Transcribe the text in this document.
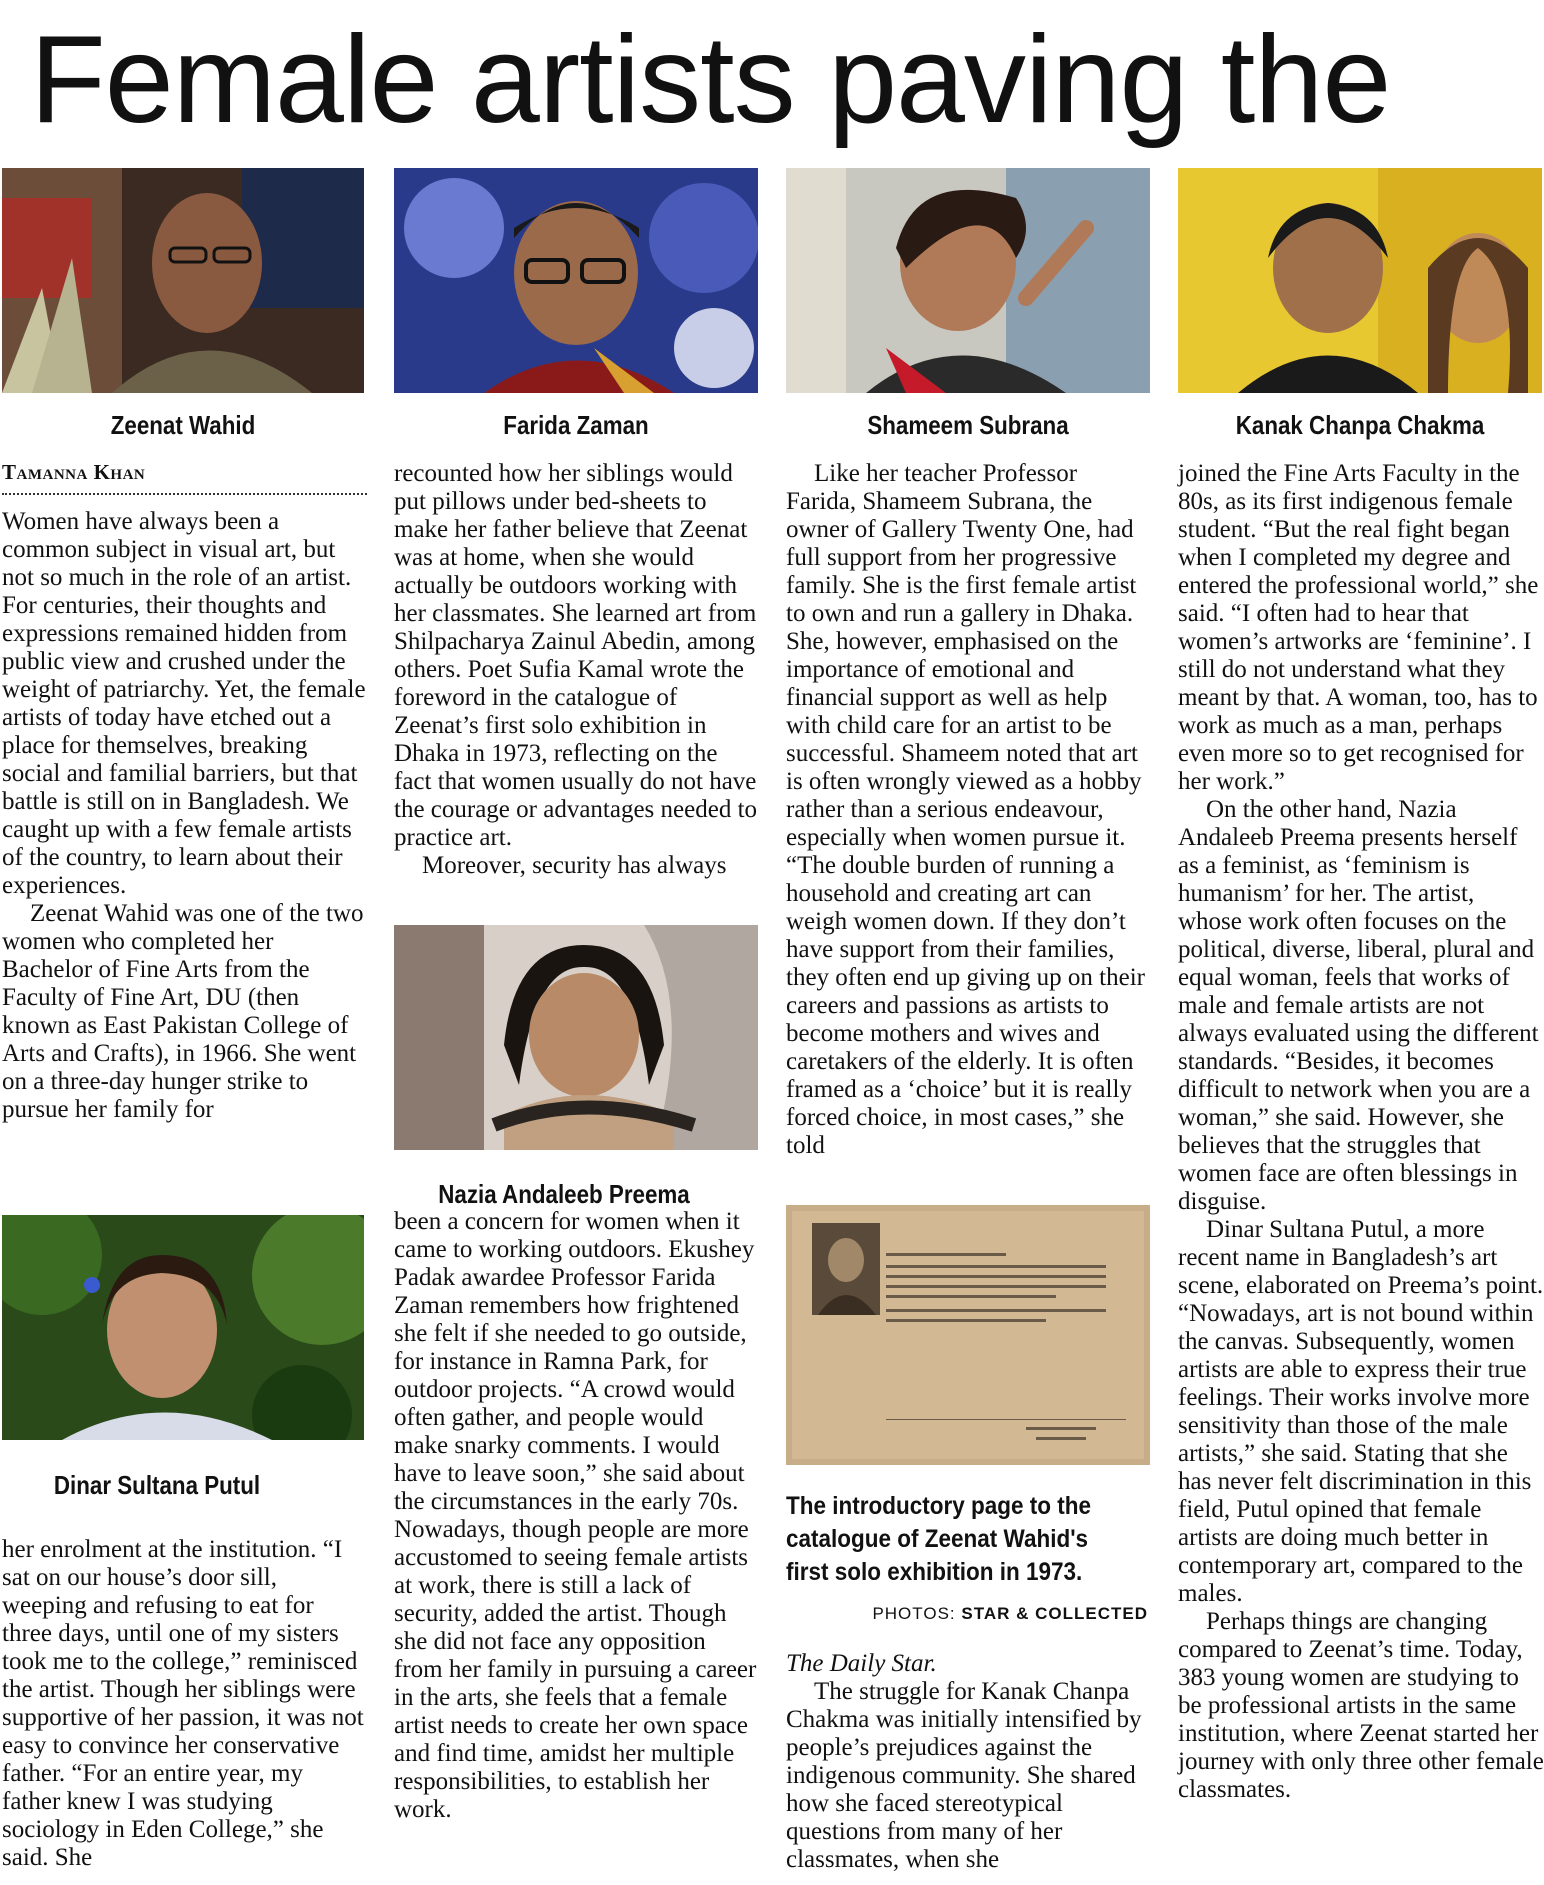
Female artists paving the
Zeenat Wahid	Farida Zaman	Shameem Subrana	Kanak Chanpa Chakma
Tamanna Khan

Women have always been a common subject in visual art, but not so much in the role of an artist. For centuries, their thoughts and expressions remained hidden from public view and crushed under the weight of patriarchy. Yet, the female artists of today have etched out a place for themselves, breaking social and familial barriers, but that battle is still on in Bangladesh. We caught up with a few female artists of the country, to learn about their experiences.

Zeenat Wahid was one of the two women who completed her Bachelor of Fine Arts from the Faculty of Fine Art, DU (then known as East Pakistan College of Arts and Crafts), in 1966. She went on a three-day hunger strike to pursue her family for

Dinar Sultana Putul

her enrolment at the institution. “I sat on our house’s door sill, weeping and refusing to eat for three days, until one of my sisters took me to the college,” reminisced the artist. Though her siblings were supportive of her passion, it was not easy to convince her conservative father. “For an entire year, my father knew I was studying sociology in Eden College,” she said. She

recounted how her siblings would put pillows under bed-sheets to make her father believe that Zeenat was at home, when she would actually be outdoors working with her classmates. She learned art from Shilpacharya Zainul Abedin, among others. Poet Sufia Kamal wrote the foreword in the catalogue of Zeenat’s first solo exhibition in Dhaka in 1973, reflecting on the fact that women usually do not have the courage or advantages needed to practice art.

Moreover, security has always

Nazia Andaleeb Preema

been a concern for women when it came to working outdoors. Ekushey Padak awardee Professor Farida Zaman remembers how frightened she felt if she needed to go outside, for instance in Ramna Park, for outdoor projects. “A crowd would often gather, and people would make snarky comments. I would have to leave soon,” she said about the circumstances in the early 70s. Nowadays, though people are more accustomed to seeing female artists at work, there is still a lack of security, added the artist. Though she did not face any opposition from her family in pursuing a career in the arts, she feels that a female artist needs to create her own space and find time, amidst her multiple responsibilities, to establish her work.

Like her teacher Professor Farida, Shameem Subrana, the owner of Gallery Twenty One, had full support from her progressive family. She is the first female artist to own and run a gallery in Dhaka. She, however, emphasised on the importance of emotional and financial support as well as help with child care for an artist to be successful. Shameem noted that art is often wrongly viewed as a hobby rather than a serious endeavour, especially when women pursue it. “The double burden of running a household and creating art can weigh women down. If they don’t have support from their families, they often end up giving up on their careers and passions as artists to become mothers and wives and caretakers of the elderly. It is often framed as a ‘choice’ but it is really forced choice, in most cases,” she told

The introductory page to the catalogue of Zeenat Wahid's first solo exhibition in 1973.
PHOTOS: STAR & COLLECTED

The Daily Star.

The struggle for Kanak Chanpa Chakma was initially intensified by people’s prejudices against the indigenous community. She shared how she faced stereotypical questions from many of her classmates, when she

joined the Fine Arts Faculty in the 80s, as its first indigenous female student. “But the real fight began when I completed my degree and entered the professional world,” she said. “I often had to hear that women’s artworks are ‘feminine’. I still do not understand what they meant by that. A woman, too, has to work as much as a man, perhaps even more so to get recognised for her work.”

On the other hand, Nazia Andaleeb Preema presents herself as a feminist, as ‘feminism is humanism’ for her. The artist, whose work often focuses on the political, diverse, liberal, plural and equal woman, feels that works of male and female artists are not always evaluated using the different standards. “Besides, it becomes difficult to network when you are a woman,” she said. However, she believes that the struggles that women face are often blessings in disguise.

Dinar Sultana Putul, a more recent name in Bangladesh’s art scene, elaborated on Preema’s point. “Nowadays, art is not bound within the canvas. Subsequently, women artists are able to express their true feelings. Their works involve more sensitivity than those of the male artists,” she said. Stating that she has never felt discrimination in this field, Putul opined that female artists are doing much better in contemporary art, compared to the males.

Perhaps things are changing compared to Zeenat’s time. Today, 383 young women are studying to be professional artists in the same institution, where Zeenat started her journey with only three other female classmates.
